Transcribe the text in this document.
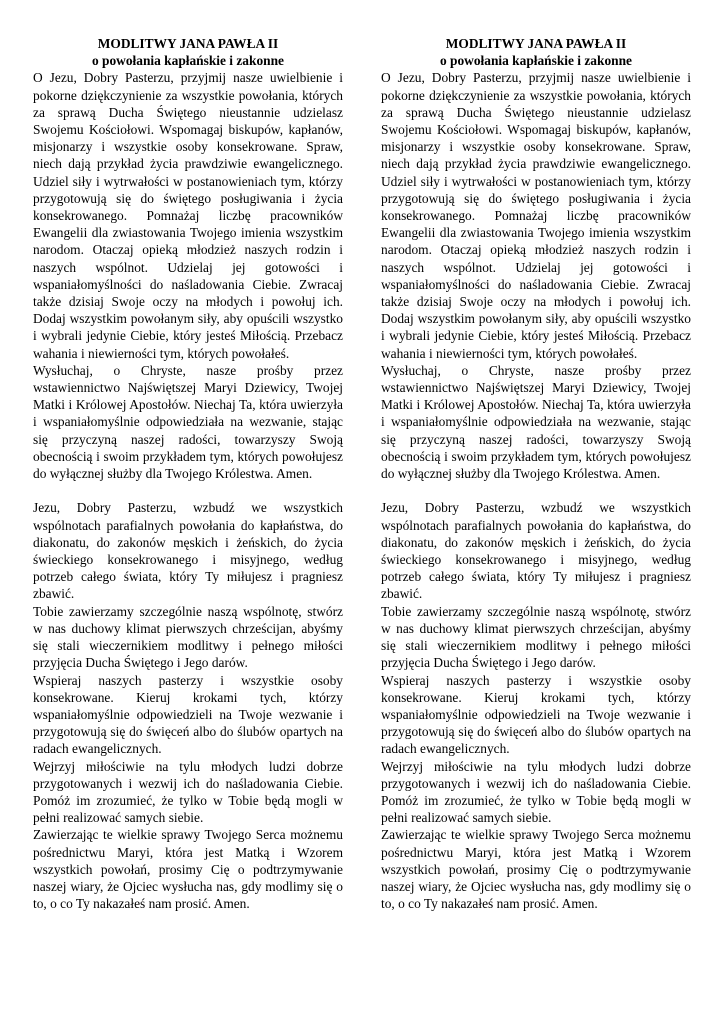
MODLITWY JANA PAWŁA II

o powołania kapłańskie i zakonne

O Jezu, Dobry Pasterzu, przyjmij nasze uwielbienie i pokorne dziękczynienie za wszystkie powołania, których za sprawą Ducha Świętego nieustannie udzielasz Swojemu Kościołowi. Wspomagaj biskupów, kapłanów, misjonarzy i wszystkie osoby konsekrowane. Spraw, niech dają przykład życia prawdziwie ewangelicznego. Udziel siły i wytrwałości w postanowieniach tym, którzy przygotowują się do świętego posługiwania i życia konsekrowanego. Pomnażaj liczbę pracowników Ewangelii dla zwiastowania Twojego imienia wszystkim narodom. Otaczaj opieką młodzież naszych rodzin i naszych wspólnot. Udzielaj jej gotowości i wspaniałomyślności do naśladowania Ciebie. Zwracaj także dzisiaj Swoje oczy na młodych i powołuj ich. Dodaj wszystkim powołanym siły, aby opuścili wszystko i wybrali jedynie Ciebie, który jesteś Miłością. Przebacz wahania i niewierności tym, których powołałeś.

Wysłuchaj, o Chryste, nasze prośby przez wstawiennictwo Najświętszej Maryi Dziewicy, Twojej Matki i Królowej Apostołów. Niechaj Ta, która uwierzyła i wspaniałomyślnie odpowiedziała na wezwanie, stając się przyczyną naszej radości, towarzyszy Swoją obecnością i swoim przykładem tym, których powołujesz do wyłącznej służby dla Twojego Królestwa. Amen.

Jezu, Dobry Pasterzu, wzbudź we wszystkich wspólnotach parafialnych powołania do kapłaństwa, do diakonatu, do zakonów męskich i żeńskich, do życia świeckiego konsekrowanego i misyjnego, według potrzeb całego świata, który Ty miłujesz i pragniesz zbawić.

Tobie zawierzamy szczególnie naszą wspólnotę, stwórz w nas duchowy klimat pierwszych chrześcijan, abyśmy się stali wieczernikiem modlitwy i pełnego miłości przyjęcia Ducha Świętego i Jego darów.

Wspieraj naszych pasterzy i wszystkie osoby konsekrowane. Kieruj krokami tych, którzy wspaniałomyślnie odpowiedzieli na Twoje wezwanie i przygotowują się do święceń albo do ślubów opartych na radach ewangelicznych.

Wejrzyj miłościwie na tylu młodych ludzi dobrze przygotowanych i wezwij ich do naśladowania Ciebie. Pomóż im zrozumieć, że tylko w Tobie będą mogli w pełni realizować samych siebie.

Zawierzając te wielkie sprawy Twojego Serca możnemu pośrednictwu Maryi, która jest Matką i Wzorem wszystkich powołań, prosimy Cię o podtrzymywanie naszej wiary, że Ojciec wysłucha nas, gdy modlimy się o to, o co Ty nakazałeś nam prosić. Amen.

MODLITWY JANA PAWŁA II

o powołania kapłańskie i zakonne

O Jezu, Dobry Pasterzu, przyjmij nasze uwielbienie i pokorne dziękczynienie za wszystkie powołania, których za sprawą Ducha Świętego nieustannie udzielasz Swojemu Kościołowi. Wspomagaj biskupów, kapłanów, misjonarzy i wszystkie osoby konsekrowane. Spraw, niech dają przykład życia prawdziwie ewangelicznego. Udziel siły i wytrwałości w postanowieniach tym, którzy przygotowują się do świętego posługiwania i życia konsekrowanego. Pomnażaj liczbę pracowników Ewangelii dla zwiastowania Twojego imienia wszystkim narodom. Otaczaj opieką młodzież naszych rodzin i naszych wspólnot. Udzielaj jej gotowości i wspaniałomyślności do naśladowania Ciebie. Zwracaj także dzisiaj Swoje oczy na młodych i powołuj ich. Dodaj wszystkim powołanym siły, aby opuścili wszystko i wybrali jedynie Ciebie, który jesteś Miłością. Przebacz wahania i niewierności tym, których powołałeś.

Wysłuchaj, o Chryste, nasze prośby przez wstawiennictwo Najświętszej Maryi Dziewicy, Twojej Matki i Królowej Apostołów. Niechaj Ta, która uwierzyła i wspaniałomyślnie odpowiedziała na wezwanie, stając się przyczyną naszej radości, towarzyszy Swoją obecnością i swoim przykładem tym, których powołujesz do wyłącznej służby dla Twojego Królestwa. Amen.

Jezu, Dobry Pasterzu, wzbudź we wszystkich wspólnotach parafialnych powołania do kapłaństwa, do diakonatu, do zakonów męskich i żeńskich, do życia świeckiego konsekrowanego i misyjnego, według potrzeb całego świata, który Ty miłujesz i pragniesz zbawić.

Tobie zawierzamy szczególnie naszą wspólnotę, stwórz w nas duchowy klimat pierwszych chrześcijan, abyśmy się stali wieczernikiem modlitwy i pełnego miłości przyjęcia Ducha Świętego i Jego darów.

Wspieraj naszych pasterzy i wszystkie osoby konsekrowane. Kieruj krokami tych, którzy wspaniałomyślnie odpowiedzieli na Twoje wezwanie i przygotowują się do święceń albo do ślubów opartych na radach ewangelicznych.

Wejrzyj miłościwie na tylu młodych ludzi dobrze przygotowanych i wezwij ich do naśladowania Ciebie. Pomóż im zrozumieć, że tylko w Tobie będą mogli w pełni realizować samych siebie.

Zawierzając te wielkie sprawy Twojego Serca możnemu pośrednictwu Maryi, która jest Matką i Wzorem wszystkich powołań, prosimy Cię o podtrzymywanie naszej wiary, że Ojciec wysłucha nas, gdy modlimy się o to, o co Ty nakazałeś nam prosić. Amen.
